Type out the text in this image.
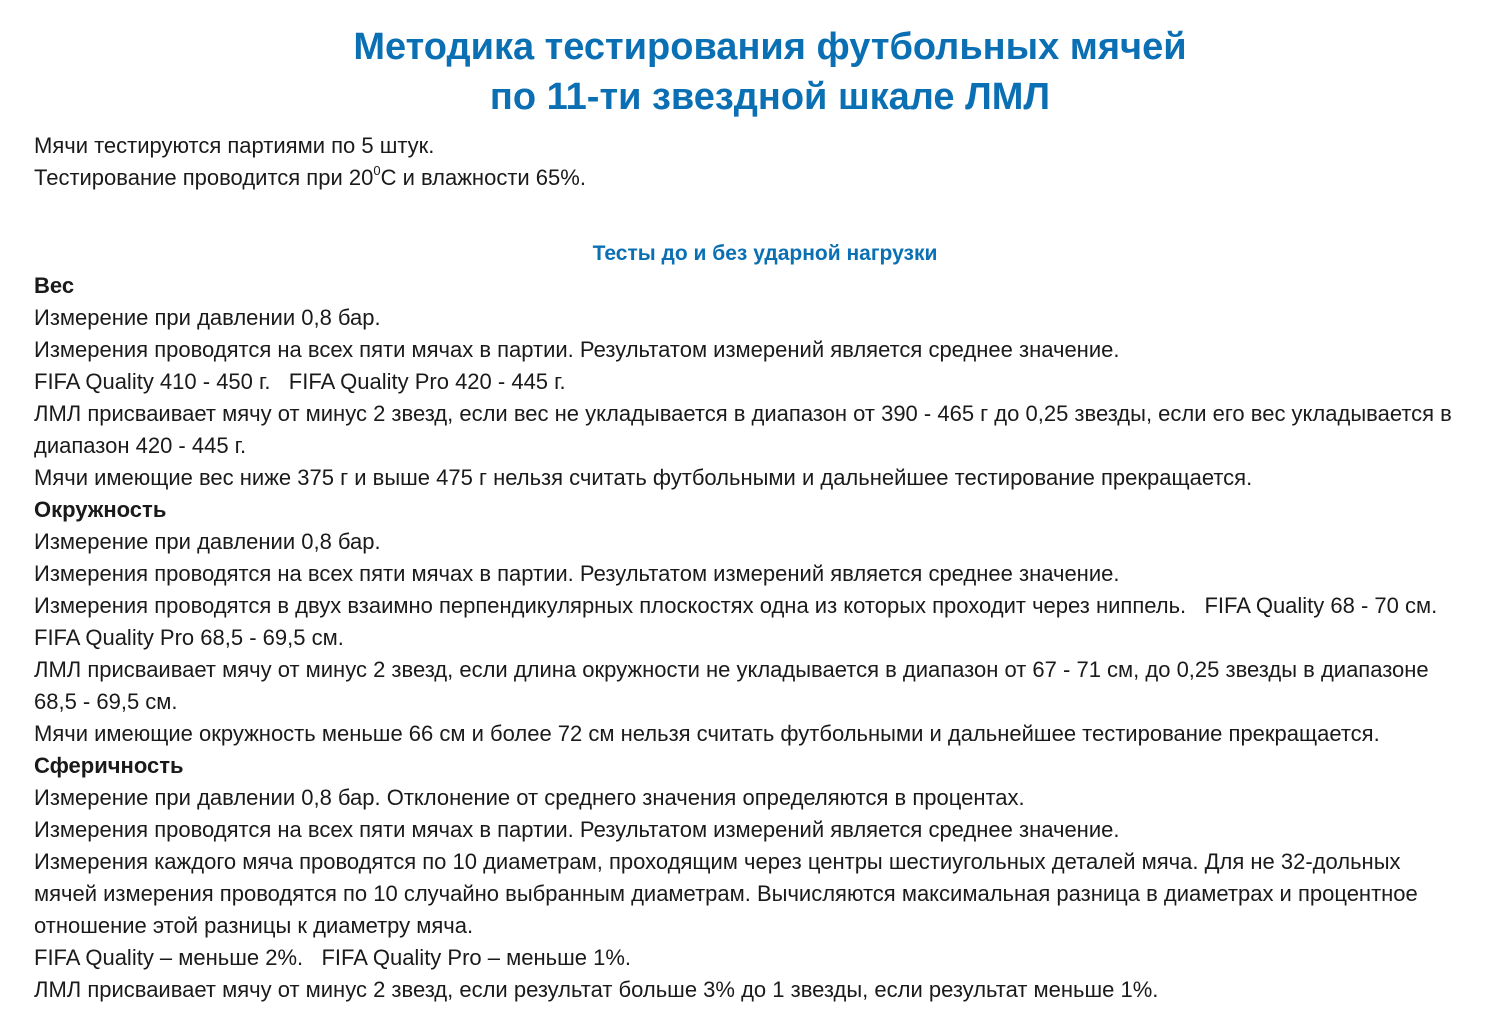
Методика тестирования футбольных мячей
по 11-ти звездной шкале ЛМЛ

Мячи тестируются партиями по 5 штук.

Тестирование проводится при $20^0С$ и влажности 65%.

Тесты до и без ударной нагрузки
Вес

Измерение при давлении 0,8 бар.

Измерения проводятся на всех пяти мячах в партии. Результатом измерений является среднее значение.

FIFA Quality 410 - 450 г.   FIFA Quality Pro 420 - 445 г.

ЛМЛ присваивает мячу от минус 2 звезд, если вес не укладывается в диапазон от 390 - 465 г до 0,25 звезды, если его вес укладывается в диапазон 420 - 445 г.

Мячи имеющие вес ниже 375 г и выше 475 г нельзя считать футбольными и дальнейшее тестирование прекращается.

Окружность

Измерение при давлении 0,8 бар.

Измерения проводятся на всех пяти мячах в партии. Результатом измерений является среднее значение.

Измерения проводятся в двух взаимно перпендикулярных плоскостях одна из которых проходит через ниппель.   FIFA Quality 68 - 70 см.   FIFA Quality Pro 68,5 - 69,5 см.

ЛМЛ присваивает мячу от минус 2 звезд, если длина окружности не укладывается в диапазон от 67 - 71 см, до 0,25 звезды в диапазоне 68,5 - 69,5 см.

Мячи имеющие окружность меньше 66 см и более 72 см нельзя считать футбольными и дальнейшее тестирование прекращается.

Сферичность

Измерение при давлении 0,8 бар. Отклонение от среднего значения определяются в процентах.

Измерения проводятся на всех пяти мячах в партии. Результатом измерений является среднее значение.

Измерения каждого мяча проводятся по 10 диаметрам, проходящим через центры шестиугольных деталей мяча. Для не 32-дольных мячей измерения проводятся по 10 случайно выбранным диаметрам. Вычисляются максимальная разница в диаметрах и процентное отношение этой разницы к диаметру мяча.

FIFA Quality – меньше 2%.   FIFA Quality Pro – меньше 1%.

ЛМЛ присваивает мячу от минус 2 звезд, если результат больше 3% до 1 звезды, если результат меньше 1%.
